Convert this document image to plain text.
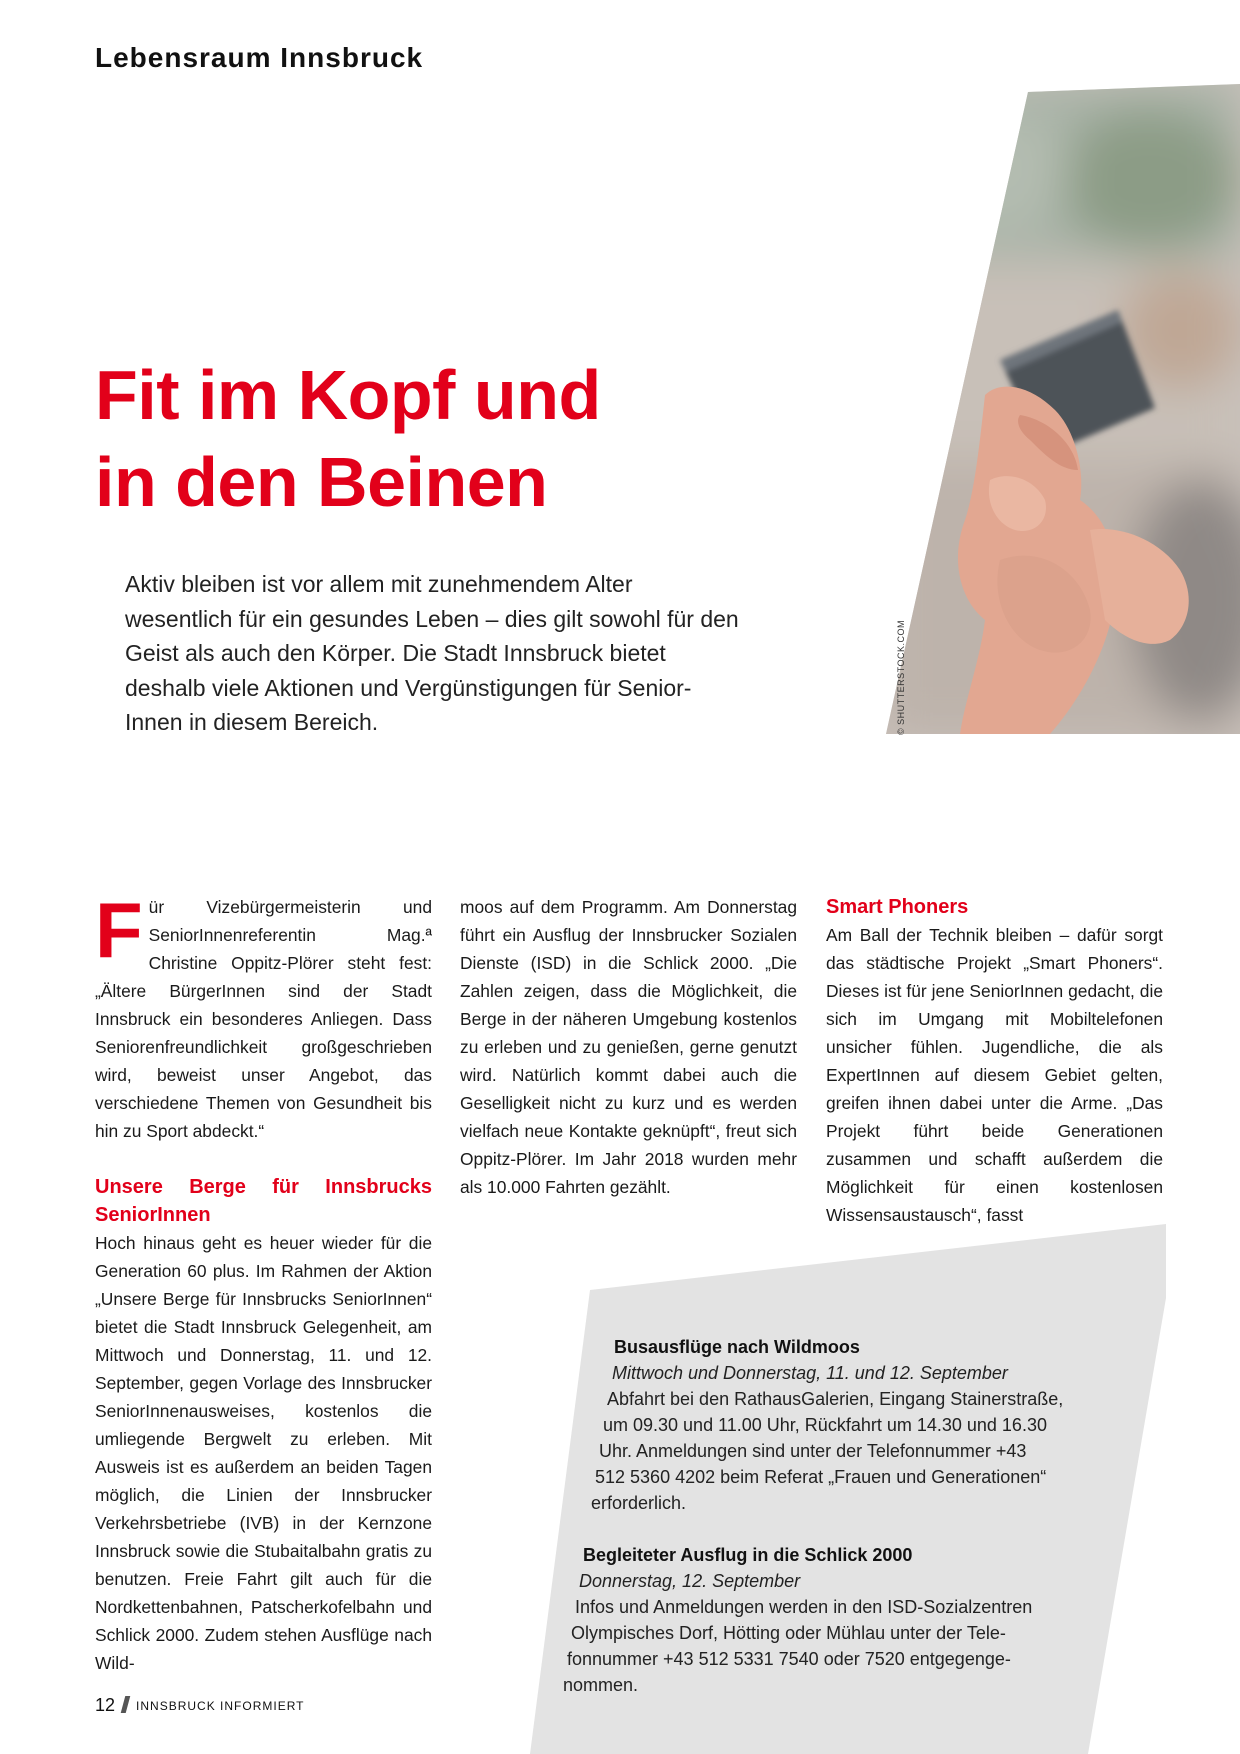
Lebensraum Innsbruck
© SHUTTERSTOCK.COM
Fit im Kopf und
in den Beinen

Aktiv bleiben ist vor allem mit zunehmendem Alter wesentlich für ein gesundes Leben – dies gilt sowohl für den Geist als auch den Körper. Die Stadt Innsbruck bietet deshalb viele Aktionen und Vergünstigungen für Senior-Innen in diesem Bereich.

Für Vizebürgermeisterin und SeniorInnenreferentin Mag.ª Christine Oppitz-Plörer steht fest: „Ältere BürgerInnen sind der Stadt Innsbruck ein besonderes Anliegen. Dass Seniorenfreundlichkeit großgeschrieben wird, beweist unser Angebot, das verschiedene Themen von Gesundheit bis hin zu Sport abdeckt.“

Unsere Berge für Innsbrucks SeniorInnen

Hoch hinaus geht es heuer wieder für die Generation 60 plus. Im Rahmen der Aktion „Unsere Berge für Innsbrucks SeniorInnen“ bietet die Stadt Innsbruck Gelegenheit, am Mittwoch und Donnerstag, 11. und 12. September, gegen Vorlage des Innsbrucker SeniorInnenausweises, kostenlos die umliegende Bergwelt zu erleben. Mit Ausweis ist es außerdem an beiden Tagen möglich, die Linien der Innsbrucker Verkehrsbetriebe (IVB) in der Kernzone Innsbruck sowie die Stubaitalbahn gratis zu benutzen. Freie Fahrt gilt auch für die Nordkettenbahnen, Patscherkofelbahn und Schlick 2000. Zudem stehen Ausflüge nach Wild-

moos auf dem Programm. Am Donnerstag führt ein Ausflug der Innsbrucker Sozialen Dienste (ISD) in die Schlick 2000. „Die Zahlen zeigen, dass die Möglichkeit, die Berge in der näheren Umgebung kostenlos zu erleben und zu genießen, gerne genutzt wird. Natürlich kommt dabei auch die Geselligkeit nicht zu kurz und es werden vielfach neue Kontakte geknüpft“, freut sich Oppitz-Plörer. Im Jahr 2018 wurden mehr als 10.000 Fahrten gezählt.

Smart Phoners

Am Ball der Technik bleiben – dafür sorgt das städtische Projekt „Smart Phoners“. Dieses ist für jene SeniorInnen gedacht, die sich im Umgang mit Mobiltelefonen unsicher fühlen. Jugendliche, die als ExpertInnen auf diesem Gebiet gelten, greifen ihnen dabei unter die Arme. „Das Projekt führt beide Generationen zusammen und schafft außerdem die Möglichkeit für einen kostenlosen Wissensaustausch“, fasst

Busausflüge nach Wildmoos
Mittwoch und Donnerstag, 11. und 12. September
Abfahrt bei den RathausGalerien, Eingang Stainerstraße,
um 09.30 und 11.00 Uhr, Rückfahrt um 14.30 und 16.30
Uhr. Anmeldungen sind unter der Telefonnummer +43
512 5360 4202 beim Referat „Frauen und Generationen“
erforderlich.
Begleiteter Ausflug in die Schlick 2000
Donnerstag, 12. September
Infos und Anmeldungen werden in den ISD-Sozialzentren
Olympisches Dorf, Hötting oder Mühlau unter der Tele-
fonnummer +43 512 5331 7540 oder 7520 entgegenge-
nommen.
12 INNSBRUCK INFORMIERT
